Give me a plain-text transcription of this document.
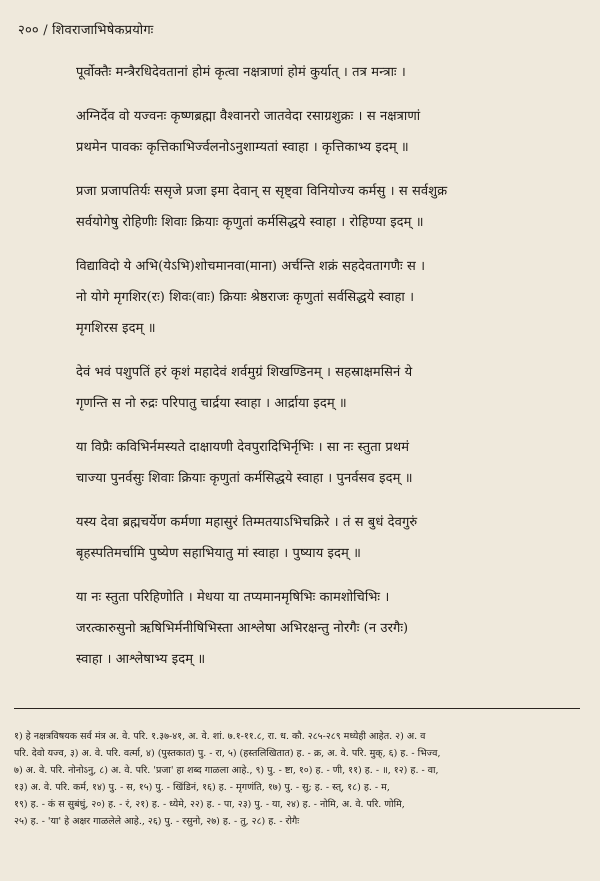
२०० / शिवराजाभिषेकप्रयोगः
पूर्वोक्तैः मन्त्रैरधिदेवतानां होमं कृत्वा नक्षत्राणां होमं कुर्यात् । तत्र मन्त्राः ।
अग्निर्देव वो यज्वनः कृष्णब्रह्मा वैश्वानरो जातवेदा रसाग्रशुक्रः । स नक्षत्राणां
प्रथमेन पावकः कृत्तिकाभिर्ज्वलनोऽनुशाम्यतां स्वाहा । कृत्तिकाभ्य इदम् ॥
प्रजा प्रजापतिर्यः ससृजे प्रजा इमा देवान् स सृष्ट्वा विनियोज्य कर्मसु । स सर्वशुक्र
सर्वयोगेषु रोहिणीः शिवाः क्रियाः कृणुतां कर्मसिद्धये स्वाहा । रोहिण्या इदम् ॥
विद्याविदो ये अभि(येऽभि)शोचमानवा(माना) अर्चन्ति शक्रं सहदेवतागणैः स ।
नो योगे मृगशिर(रः) शिवः(वाः) क्रियाः श्रेष्ठराजः कृणुतां सर्वसिद्धये स्वाहा ।
मृगशिरस इदम् ॥
देवं भवं पशुपतिं हरं कृशं महादेवं शर्वमुग्रं शिखण्डिनम् । सहस्राक्षमसिनं ये
गृणन्ति स नो रुद्रः परिपातु चार्द्रया स्वाहा । आर्द्राया इदम् ॥
या विप्रैः कविभिर्नमस्यते दाक्षायणी देवपुरादिभिर्नृभिः । सा नः स्तुता प्रथमं
चाज्या पुनर्वसुः शिवाः क्रियाः कृणुतां कर्मसिद्धये स्वाहा । पुनर्वसव इदम् ॥
यस्य देवा ब्रह्मचर्येण कर्मणा महासुरं तिम्मतयाऽभिचक्रिरे । तं स बुधं देवगुरुं
बृहस्पतिमर्चामि पुष्येण सहाभियातु मां स्वाहा । पुष्याय इदम् ॥
या नः स्तुता परिहिणोति । मेधया या तप्यमानमृषिभिः कामशोचिभिः ।
जरत्कारुसुनो ऋषिभिर्मनीषिभिस्ता आश्लेषा अभिरक्षन्तु नोरगैः (न उरगैः)
स्वाहा । आश्लेषाभ्य इदम् ॥
१) हे नक्षत्रविषयक सर्व मंत्र अ. वे. परि. १.३७-४१, अ. वे. शां. ७.१-११.८, रा. ध. कौ. २८५-२८९ मध्येही आहेत. २) अ. व
परि. देवो यज्व, ३) अ. वे. परि. वर्त्मा, ४) (पुस्तकात) पु. - रा, ५) (हस्तलिखितात) ह. - क्र, अ. वे. परि. मुक्, ६) ह. - भिज्व,
७) अ. वे. परि. नोनोऽनु, ८) अ. वे. परि. 'प्रजा' हा शब्द गाळला आहे., ९) पु. - ष्टा, १०) ह. - णी, ११) ह. - ॥, १२) ह. - वा,
१३) अ. वे. परि. कर्म, १४) पु. - स, १५) पु. - खिंडिनं, १६) ह. - मृगणंति, १७) पु. - सु; ह. - स्त्, १८) ह. - म,
१९) ह. - कं स सुबंधुं, २०) ह. - रं, २१) ह. - ध्येमे, २२) ह. - पा, २३) पु. - या, २४) ह. - नोमि, अ. वे. परि. णोमि,
२५) ह. - 'या' हे अक्षर गाळलेले आहे., २६) पु. - रसुनो, २७) ह. - तु, २८) ह. - रोगैः
